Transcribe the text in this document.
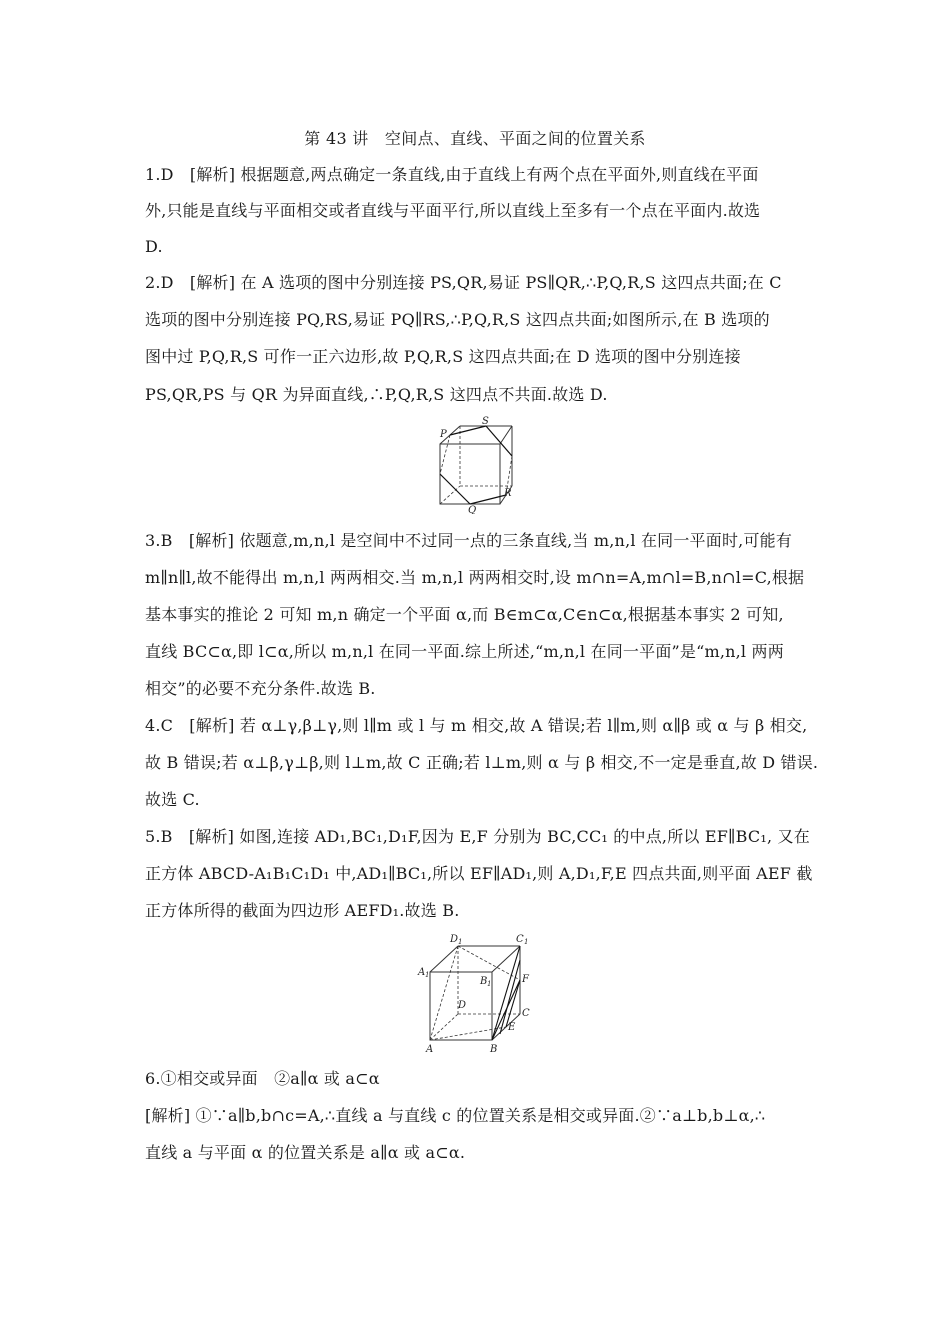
第 43 讲　空间点、直线、平面之间的位置关系
1.D　[解析] 根据题意,两点确定一条直线,由于直线上有两个点在平面外,则直线在平面
外,只能是直线与平面相交或者直线与平面平行,所以直线上至多有一个点在平面内.故选
D.
2.D　[解析] 在 A 选项的图中分别连接 PS,QR,易证 PS∥QR,∴P,Q,R,S 这四点共面;在 C
选项的图中分别连接 PQ,RS,易证 PQ∥RS,∴P,Q,R,S 这四点共面;如图所示,在 B 选项的
图中过 P,Q,R,S 可作一正六边形,故 P,Q,R,S 这四点共面;在 D 选项的图中分别连接
PS,QR,PS 与 QR 为异面直线,∴P,Q,R,S 这四点不共面.故选 D.
P
S
R
Q
3.B　[解析] 依题意,m,n,l 是空间中不过同一点的三条直线,当 m,n,l 在同一平面时,可能有
m∥n∥l,故不能得出 m,n,l 两两相交.当 m,n,l 两两相交时,设 m∩n=A,m∩l=B,n∩l=C,根据
基本事实的推论 2 可知 m,n 确定一个平面 α,而 B∈m⊂α,C∈n⊂α,根据基本事实 2 可知,
直线 BC⊂α,即 l⊂α,所以 m,n,l 在同一平面.综上所述,“m,n,l 在同一平面”是“m,n,l 两两
相交”的必要不充分条件.故选 B.
4.C　[解析] 若 α⊥γ,β⊥γ,则 l∥m 或 l 与 m 相交,故 A 错误;若 l∥m,则 α∥β 或 α 与 β 相交,
故 B 错误;若 α⊥β,γ⊥β,则 l⊥m,故 C 正确;若 l⊥m,则 α 与 β 相交,不一定是垂直,故 D 错误.
故选 C.
5.B　[解析] 如图,连接 AD₁,BC₁,D₁F,因为 E,F 分别为 BC,CC₁ 的中点,所以 EF∥BC₁, 又在
正方体 ABCD-A₁B₁C₁D₁ 中,AD₁∥BC₁,所以 EF∥AD₁,则 A,D₁,F,E 四点共面,则平面 AEF 截
正方体所得的截面为四边形 AEFD₁.故选 B.
D 1	C 1
A 1
B 1	F
D
C
E
A	B
6.①相交或异面　②a∥α 或 a⊂α
[解析] ①∵a∥b,b∩c=A,∴直线 a 与直线 c 的位置关系是相交或异面.②∵a⊥b,b⊥α,∴
直线 a 与平面 α 的位置关系是 a∥α 或 a⊂α.
